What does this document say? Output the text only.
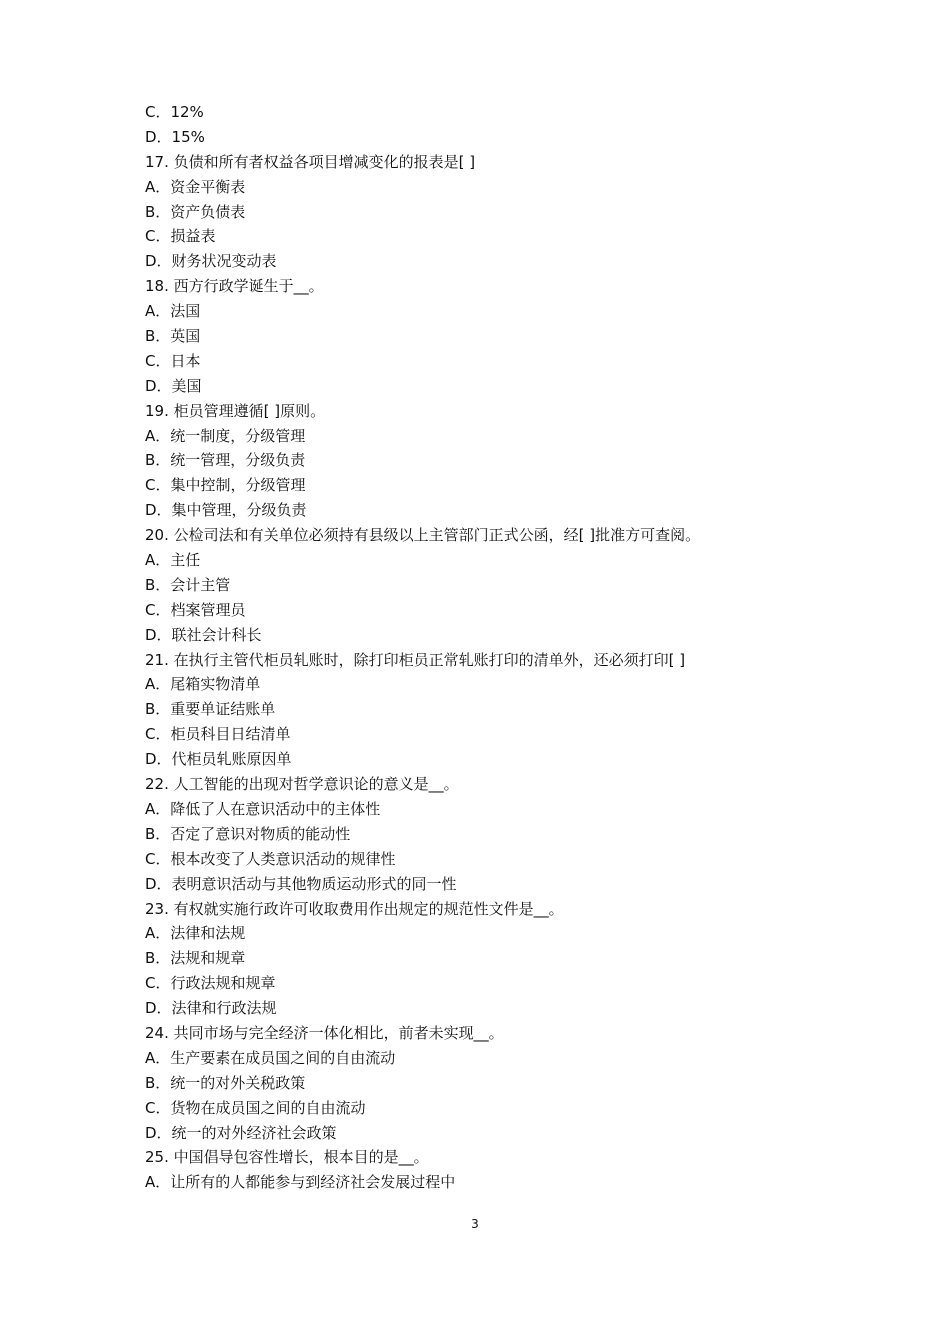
C．12%
D．15%
17. 负债和所有者权益各项目增减变化的报表是[ ]
A．资金平衡表
B．资产负债表
C．损益表
D．财务状况变动表
18. 西方行政学诞生于__。
A．法国
B．英国
C．日本
D．美国
19. 柜员管理遵循[ ]原则。
A．统一制度，分级管理
B．统一管理，分级负责
C．集中控制，分级管理
D．集中管理，分级负责
20. 公检司法和有关单位必须持有县级以上主管部门正式公函，经[ ]批准方可查阅。
A．主任
B．会计主管
C．档案管理员
D．联社会计科长
21. 在执行主管代柜员轧账时，除打印柜员正常轧账打印的清单外，还必须打印[ ]
A．尾箱实物清单
B．重要单证结账单
C．柜员科目日结清单
D．代柜员轧账原因单
22. 人工智能的出现对哲学意识论的意义是__。
A．降低了人在意识活动中的主体性
B．否定了意识对物质的能动性
C．根本改变了人类意识活动的规律性
D．表明意识活动与其他物质运动形式的同一性
23. 有权就实施行政许可收取费用作出规定的规范性文件是__。
A．法律和法规
B．法规和规章
C．行政法规和规章
D．法律和行政法规
24. 共同市场与完全经济一体化相比，前者未实现__。
A．生产要素在成员国之间的自由流动
B．统一的对外关税政策
C．货物在成员国之间的自由流动
D．统一的对外经济社会政策
25. 中国倡导包容性增长，根本目的是__。
A．让所有的人都能参与到经济社会发展过程中
3
